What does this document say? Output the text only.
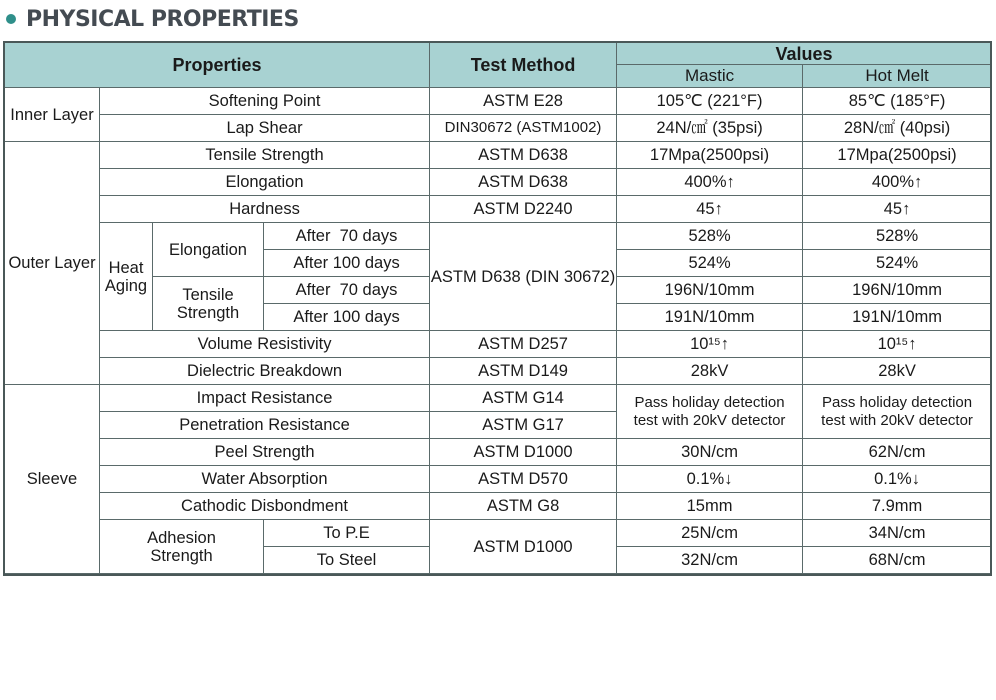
PHYSICAL PROPERTIES
Properties				Test Method	Values	
					Mastic	Hot Melt
Inner Layer	Softening Point			ASTM E28	105℃ (221°F)	85℃ (185°F)
	Lap Shear			DIN30672 (ASTM1002)	24N/㎠ (35psi)	28N/㎠ (40psi)
Outer Layer	Tensile Strength			ASTM D638	17Mpa(2500psi)	17Mpa(2500psi)
	Elongation			ASTM D638	400%↑	400%↑
	Hardness			ASTM D2240	45↑	45↑
	Heat Aging	Elongation	After  70 days	ASTM D638 (DIN 30672)	528%	528%
			After 100 days		524%	524%
		Tensile Strength	After  70 days		196N/10mm	196N/10mm
			After 100 days		191N/10mm	191N/10mm
	Volume Resistivity			ASTM D257	10¹⁵↑	10¹⁵↑
	Dielectric Breakdown			ASTM D149	28kV	28kV
Sleeve	Impact Resistance			ASTM G14	Pass holiday detection test with 20kV detector	Pass holiday detection test with 20kV detector
	Penetration Resistance			ASTM G17		
	Peel Strength			ASTM D1000	30N/cm	62N/cm
	Water Absorption			ASTM D570	0.1%↓	0.1%↓
	Cathodic Disbondment			ASTM G8	15mm	7.9mm
	Adhesion Strength		To P.E	ASTM D1000	25N/cm	34N/cm
			To Steel		32N/cm	68N/cm
